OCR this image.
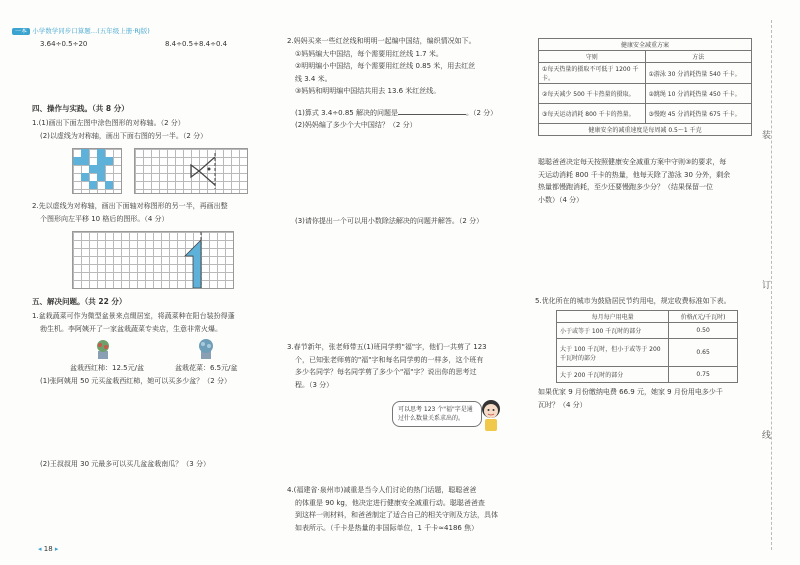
一本 小学数学同步口算题…(五年级上册·RJ版)
3.64÷0.5÷20	8.4÷0.5+8.4÷0.4
四、操作与实践。（共 8 分）
1.(1)画出下面左图中涂色图形的对称轴。（2 分）
(2)以虚线为对称轴，画出下面右图的另一半。（2 分）
2.先以虚线为对称轴，画出下面轴对称图形的另一半，再画出整
个图形向左平移 10 格后的图形。（4 分）
五、解决问题。（共 22 分）
1.盆栽蔬菜可作为微型盆景来点缀居室，将蔬菜种在阳台装扮得蓬
勃生机。李阿姨开了一家盆栽蔬菜专卖店，生意非常火爆。
盆栽西红柿：12.5元/盆	盆栽花菜：6.5元/盆
(1)张阿姨用 50 元买盆栽西红柿，她可以买多少盆？（2 分）
(2)王叔叔用 30 元最多可以买几盆盆栽南瓜？（3 分）
2.妈妈买来一些红丝线和明明一起编中国结，编织情况如下。
①妈妈编大中国结，每个需要用红丝线 1.7 米。
②明明编小中国结，每个需要用红丝线 0.85 米，用去红丝
线 3.4 米。
③妈妈和明明编中国结共用去 13.6 米红丝线。
(1)算式 3.4÷0.85 解决的问题是	。（2 分）
(2)妈妈编了多少个大中国结？（2 分）
(3)请你提出一个可以用小数除法解决的问题并解答。（2 分）
3.春节新年，张老师带五(1)班同学剪"福"字，他们一共剪了 123
个，已知张老师剪的"福"字和每名同学剪的一样多，这个班有
多少名同学？每名同学剪了多少个"福"字？说出你的思考过
程。（3 分）
可以思考 123 个"福"字是通过什么数量关系求出的。
4.(福建省·泉州市)减重是当今人们讨论的热门话题，聪聪爸爸
的体重是 90 kg，他决定进行健康安全减重行动。聪聪爸爸查
到这样一则材料，和爸爸制定了适合自己的相关守则及方法，具体
如表所示。（千卡是热量的非国际单位，1 千卡≈4186 焦）
健康安全减重方案	
守则	方法
①每天热量的摄取不可低于 1200 千卡。	①游泳 30 分消耗热量 540 千卡。
②每天减少 500 千卡热量的摄取。	②跳绳 10 分消耗热量 450 千卡。
③每天运动消耗 800 千卡的热量。	③慢跑 45 分消耗热量 675 千卡。
健康安全的减重速度是每周减 0.5～1 千克	
聪聪爸爸决定每天按照健康安全减重方案中守则③的要求，每
天运动消耗 800 千卡的热量，他每天除了游泳 30 分外，剩余
热量都慢跑消耗，至少还要慢跑多少分？（结果保留一位
小数）（4 分）
5.优化所在的城市为鼓励居民节约用电，规定收费标准如下表。
每月每户用电量	价格/(元/千瓦时)
小于或等于 100 千瓦时的部分	0.50
大于 100 千瓦时，但小于或等于 200 千瓦时的部分	0.65
大于 200 千瓦时的部分	0.75
如果优家 9 月份缴纳电费 66.9 元，她家 9 月份用电多少千
瓦时？（4 分）
装
订
线
◂ 18 ▸
